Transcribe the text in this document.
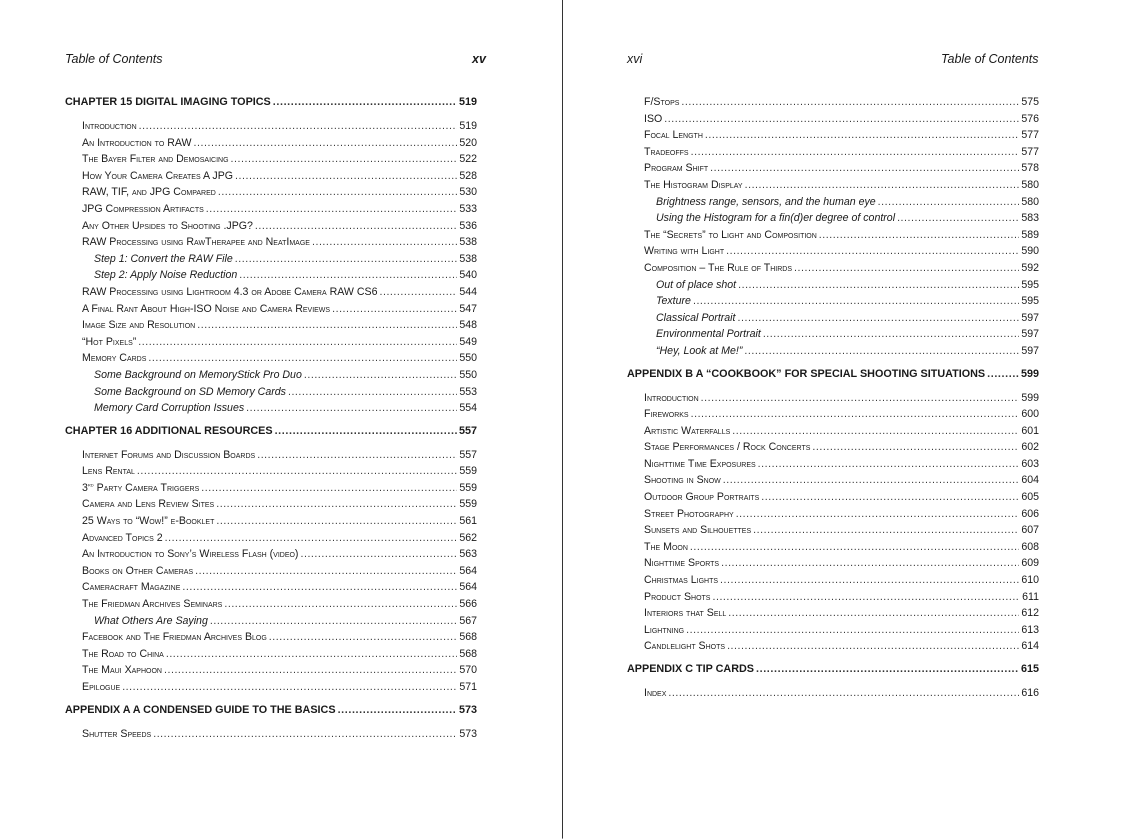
Table of Contents	xv	xvi	Table of Contents
CHAPTER 15 DIGITAL IMAGING TOPICS . . .	519
Introduction . . .	519
An Introduction to RAW . . .	520
The Bayer Filter and Demosaicing . . .	522
How Your Camera Creates A JPG . . .	528
RAW, TIF, and JPG Compared . . .	530
JPG Compression Artifacts . . .	533
Any Other Upsides to Shooting .JPG? . . .	536
RAW Processing using RawTherapee and NeatImage . . .	538
Step 1: Convert the RAW File . . .	538
Step 2: Apply Noise Reduction . . .	540
RAW Processing using Lightroom 4.3 or Adobe Camera RAW CS6 . . .	544
A Final Rant About High-ISO Noise and Camera Reviews . . .	547
Image Size and Resolution . . .	548
“Hot Pixels” . . .	549
Memory Cards . . .	550
Some Background on MemoryStick Pro Duo . . .	550
Some Background on SD Memory Cards . . .	553
Memory Card Corruption Issues . . .	554
CHAPTER 16 ADDITIONAL RESOURCES . . .	557
Internet Forums and Discussion Boards . . .	557
Lens Rental . . .	559
3rd Party Camera Triggers . . .	559
Camera and Lens Review Sites . . .	559
25 Ways to “Wow!” e-Booklet . . .	561
Advanced Topics 2 . . .	562
An Introduction to Sony’s Wireless Flash (video) . . .	563
Books on Other Cameras . . .	564
Cameracraft Magazine . . .	564
The Friedman Archives Seminars . . .	566
What Others Are Saying . . .	567
Facebook and The Friedman Archives Blog . . .	568
The Road to China . . .	568
The Maui Xaphoon . . .	570
Epilogue . . .	571
APPENDIX A A CONDENSED GUIDE TO THE BASICS . . .	573
Shutter Speeds . . .	573
F/Stops . . .	575
ISO . . .	576
Focal Length . . .	577
Tradeoffs . . .	577
Program Shift . . .	578
The Histogram Display . . .	580
Brightness range, sensors, and the human eye . . .	580
Using the Histogram for a fin(d)er degree of control . . .	583
The “Secrets” to Light and Composition . . .	589
Writing with Light . . .	590
Composition – The Rule of Thirds . . .	592
Out of place shot . . .	595
Texture . . .	595
Classical Portrait . . .	597
Environmental Portrait . . .	597
“Hey, Look at Me!” . . .	597
APPENDIX B A “COOKBOOK” FOR SPECIAL SHOOTING SITUATIONS . . .	599
Introduction . . .	599
Fireworks . . .	600
Artistic Waterfalls . . .	601
Stage Performances / Rock Concerts . . .	602
Nighttime Time Exposures . . .	603
Shooting in Snow . . .	604
Outdoor Group Portraits . . .	605
Street Photography . . .	606
Sunsets and Silhouettes . . .	607
The Moon . . .	608
Nighttime Sports . . .	609
Christmas Lights . . .	610
Product Shots . . .	611
Interiors that Sell . . .	612
Lightning . . .	613
Candlelight Shots . . .	614
APPENDIX C TIP CARDS . . .	615
Index . . .	616
